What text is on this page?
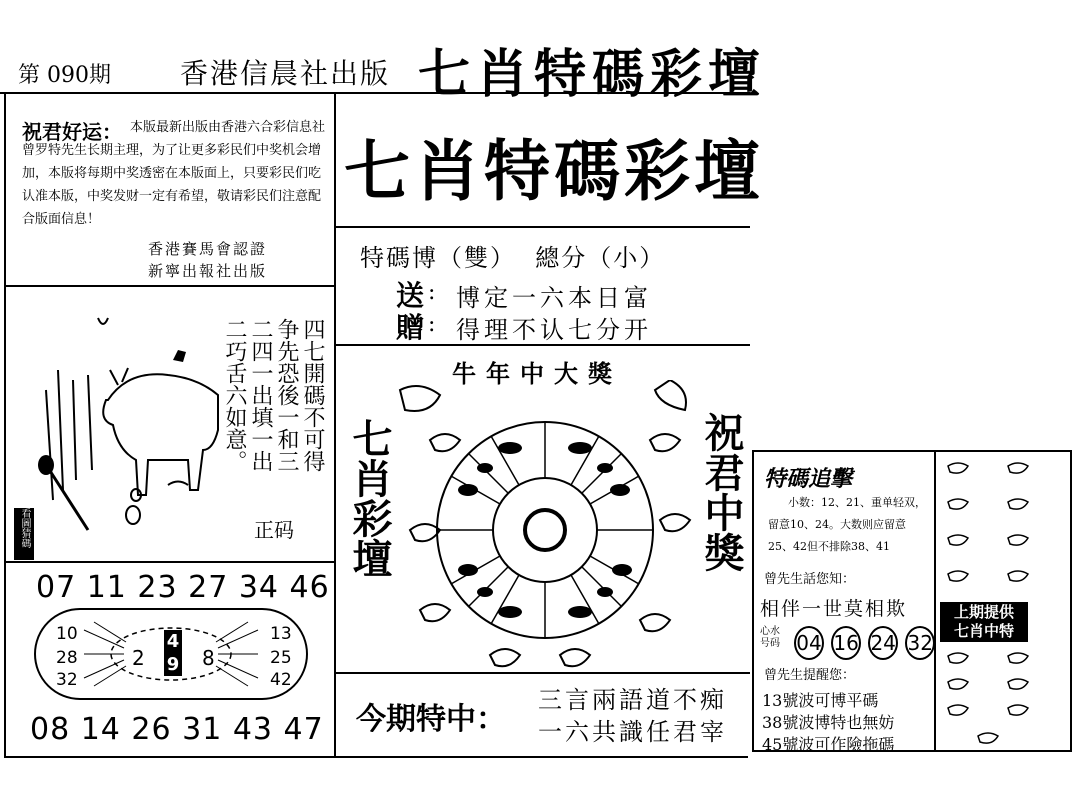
第 090期 香港信晨社出版 七肖特碼彩壇
祝君好运： 本版最新出版由香港六合彩信息社曾罗特先生长期主理，为了让更多彩民们中奖机会增加，本版将每期中奖透密在本版面上，只要彩民们吃认准本版，中奖发财一定有希望，敬请彩民们注意配合版面信息！
香港賽馬會認證
新寧出報社出版
四七開碼不可得
争先恐後一和三
二四一出填一出
二巧舌六如意。
正码
看圖猜碼
07 11 23 27 34 46
10
28
32
13
25
42
2	8
4
9
08 14 26 31 43 47
七肖特碼彩壇
特碼博（雙）  總分（小）
送 : 博定一六本日富
贈 : 得理不认七分开
牛年中大獎
七肖彩壇	祝君中獎
今期特中：
三言兩語道不痴
一六共識任君宰
特碼追擊
小数：12、21、重单轻双，留意10、24。大数则应留意25、42但不排除38、41
曾先生話您知：
相伴一世莫相欺
心水号码 04 16 24 32
曾先生提醒您：
13號波可博平碼
38號波博特也無妨
45號波可作險拖碼
上期提供七肖中特
